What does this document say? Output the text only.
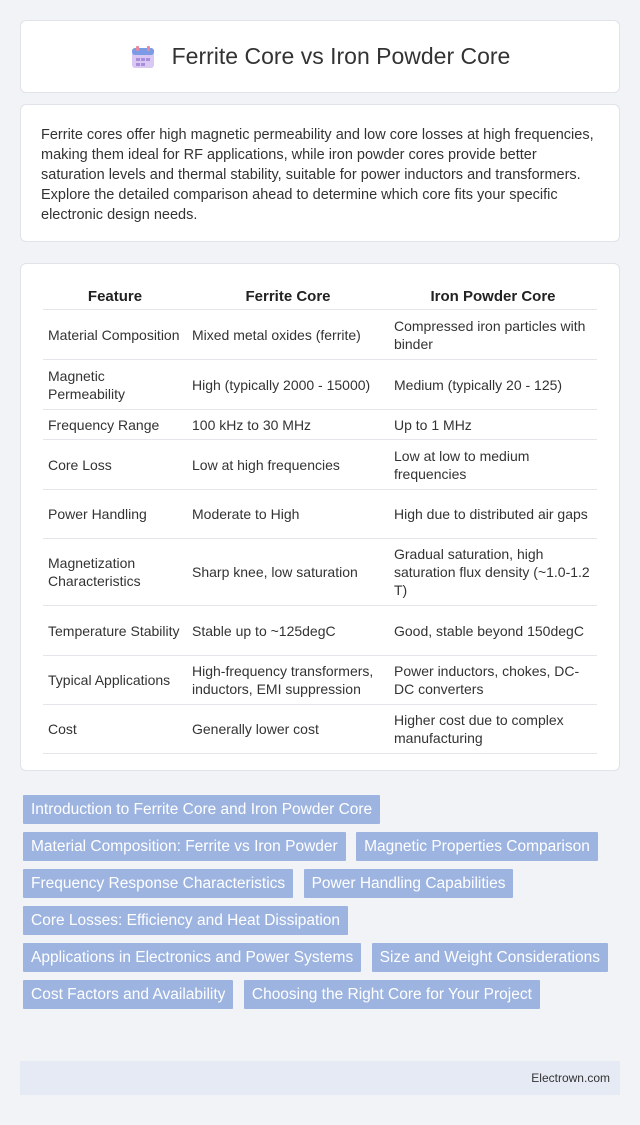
Ferrite Core vs Iron Powder Core

Ferrite cores offer high magnetic permeability and low core losses at high frequencies, making them ideal for RF applications, while iron powder cores provide better saturation levels and thermal stability, suitable for power inductors and transformers. Explore the detailed comparison ahead to determine which core fits your specific electronic design needs.

Feature	Ferrite Core	Iron Powder Core
Material Composition	Mixed metal oxides (ferrite)	Compressed iron particles with binder
Magnetic Permeability	High (typically 2000 - 15000)	Medium (typically 20 - 125)
Frequency Range	100 kHz to 30 MHz	Up to 1 MHz
Core Loss	Low at high frequencies	Low at low to medium frequencies
Power Handling	Moderate to High	High due to distributed air gaps
Magnetization Characteristics	Sharp knee, low saturation	Gradual saturation, high saturation flux density (~1.0-1.2 T)
Temperature Stability	Stable up to ~125degC	Good, stable beyond 150degC
Typical Applications	High-frequency transformers, inductors, EMI suppression	Power inductors, chokes, DC-DC converters
Cost	Generally lower cost	Higher cost due to complex manufacturing
Introduction to Ferrite Core and Iron Powder Core Material Composition: Ferrite vs Iron Powder Magnetic Properties Comparison Frequency Response Characteristics Power Handling Capabilities Core Losses: Efficiency and Heat Dissipation Applications in Electronics and Power Systems Size and Weight Considerations Cost Factors and Availability Choosing the Right Core for Your Project
Electrown.com
